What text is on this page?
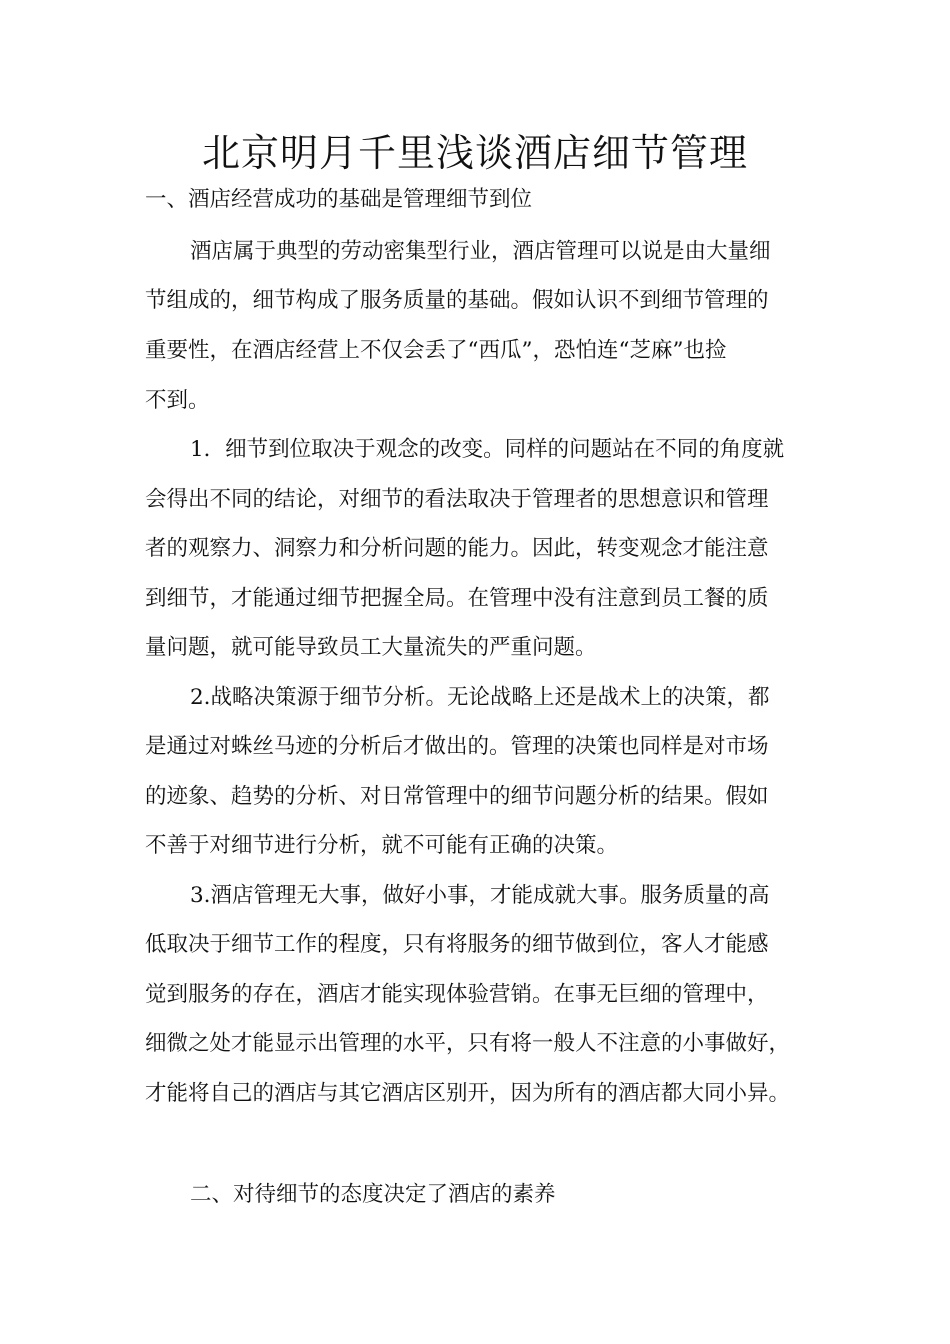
北京明月千里浅谈酒店细节管理
一、酒店经营成功的基础是管理细节到位
酒店属于典型的劳动密集型行业，酒店管理可以说是由大量细
节组成的，细节构成了服务质量的基础。假如认识不到细节管理的
重要性，在酒店经营上不仅会丢了“西瓜”，恐怕连“芝麻”也捡
不到。
1．细节到位取决于观念的改变。同样的问题站在不同的角度就
会得出不同的结论，对细节的看法取决于管理者的思想意识和管理
者的观察力、洞察力和分析问题的能力。因此，转变观念才能注意
到细节，才能通过细节把握全局。在管理中没有注意到员工餐的质
量问题，就可能导致员工大量流失的严重问题。
2.战略决策源于细节分析。无论战略上还是战术上的决策，都
是通过对蛛丝马迹的分析后才做出的。管理的决策也同样是对市场
的迹象、趋势的分析、对日常管理中的细节问题分析的结果。假如
不善于对细节进行分析，就不可能有正确的决策。
3.酒店管理无大事，做好小事，才能成就大事。服务质量的高
低取决于细节工作的程度，只有将服务的细节做到位，客人才能感
觉到服务的存在，酒店才能实现体验营销。在事无巨细的管理中，
细微之处才能显示出管理的水平，只有将一般人不注意的小事做好，
才能将自己的酒店与其它酒店区别开，因为所有的酒店都大同小异。
二、对待细节的态度决定了酒店的素养
